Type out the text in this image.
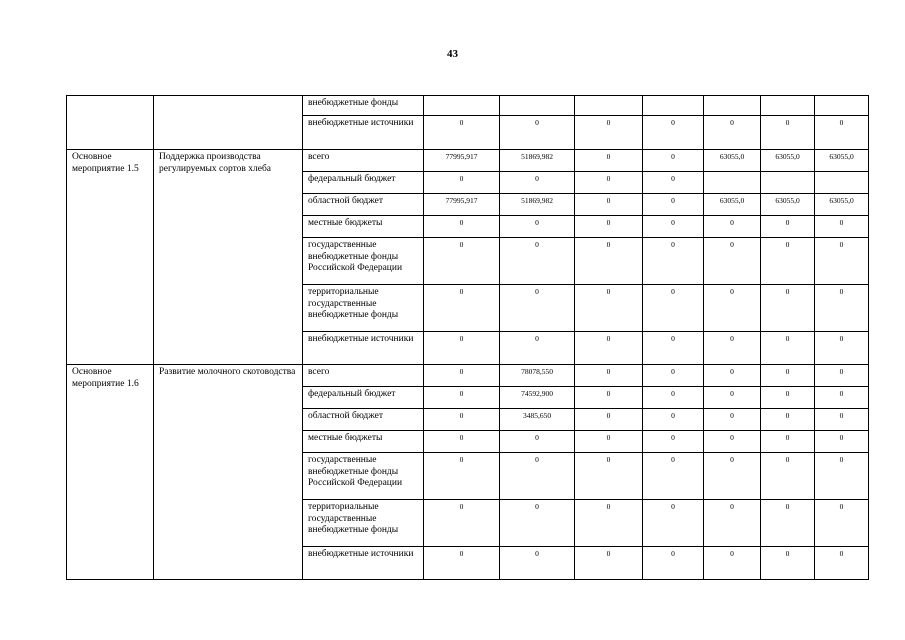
43
		внебюджетные фонды							
		внебюджетные источники	0	0	0	0	0	0	0
Основное мероприятие 1.5	Поддержка производства регулируемых сортов хлеба	всего	77995,917	51869,982	0	0	63055,0	63055,0	63055,0
		федеральный бюджет	0	0	0	0			
		областной бюджет	77995,917	51869,982	0	0	63055,0	63055,0	63055,0
		местные бюджеты	0	0	0	0	0	0	0
		государственные внебюджетные фонды Российской Федерации	0	0	0	0	0	0	0
		территориальные государственные внебюджетные фонды	0	0	0	0	0	0	0
		внебюджетные источники	0	0	0	0	0	0	0
Основное мероприятие 1.6	Развитие молочного скотоводства	всего	0	78078,550	0	0	0	0	0
		федеральный бюджет	0	74592,900	0	0	0	0	0
		областной бюджет	0	3485,650	0	0	0	0	0
		местные бюджеты	0	0	0	0	0	0	0
		государственные внебюджетные фонды Российской Федерации	0	0	0	0	0	0	0
		территориальные государственные внебюджетные фонды	0	0	0	0	0	0	0
		внебюджетные источники	0	0	0	0	0	0	0
